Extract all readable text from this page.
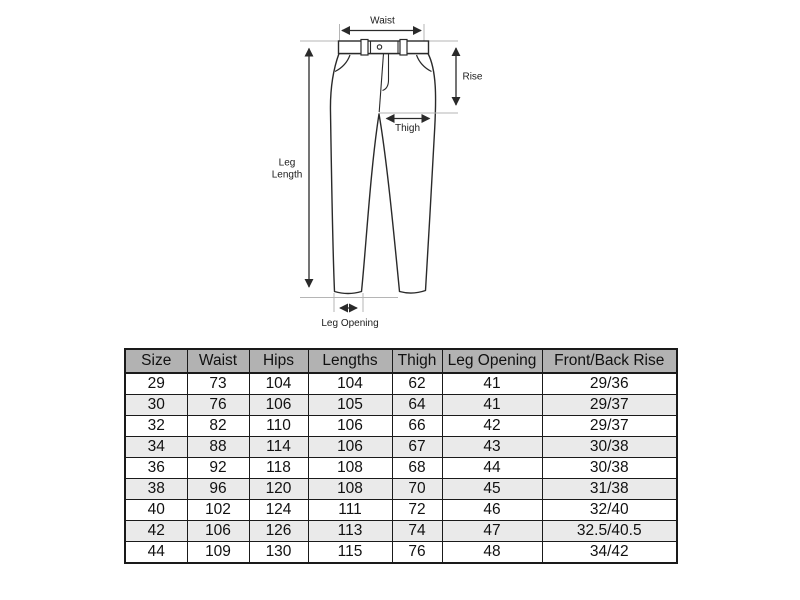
Waist
Rise
Thigh
Leg
Length
Leg Opening
Size	Waist	Hips	Lengths	Thigh	Leg Opening	Front/Back Rise
29	73	104	104	62	41	29/36
30	76	106	105	64	41	29/37
32	82	110	106	66	42	29/37
34	88	114	106	67	43	30/38
36	92	118	108	68	44	30/38
38	96	120	108	70	45	31/38
40	102	124	111	72	46	32/40
42	106	126	113	74	47	32.5/40.5
44	109	130	115	76	48	34/42
